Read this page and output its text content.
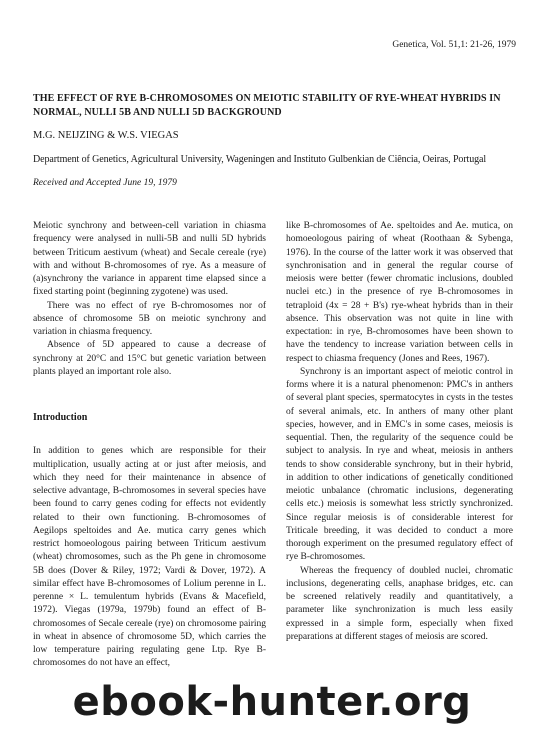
Genetica, Vol. 51,1: 21-26, 1979
THE EFFECT OF RYE B-CHROMOSOMES ON MEIOTIC STABILITY OF RYE-WHEAT HYBRIDS IN NORMAL, NULLI 5B AND NULLI 5D BACKGROUND
M.G. NEIJZING & W.S. VIEGAS
Department of Genetics, Agricultural University, Wageningen and Instituto Gulbenkian de Ciência, Oeiras, Portugal
Received and Accepted June 19, 1979

Meiotic synchrony and between-cell variation in chiasma frequency were analysed in nulli-5B and nulli 5D hybrids between Triticum aestivum (wheat) and Secale cereale (rye) with and without B-chromosomes of rye. As a measure of (a)synchrony the variance in apparent time elapsed since a fixed starting point (beginning zygotene) was used.

There was no effect of rye B-chromosomes nor of absence of chromosome 5B on meiotic synchrony and variation in chiasma frequency.

Absence of 5D appeared to cause a decrease of synchrony at 20°C and 15°C but genetic variation between plants played an important role also.

Introduction

In addition to genes which are responsible for their multiplication, usually acting at or just after meiosis, and which they need for their maintenance in absence of selective advantage, B-chromosomes in several species have been found to carry genes coding for effects not evidently related to their own functioning. B-chromosomes of Aegilops speltoides and Ae. mutica carry genes which restrict homoeologous pairing between Triticum aestivum (wheat) chromosomes, such as the Ph gene in chromosome 5B does (Dover & Riley, 1972; Vardi & Dover, 1972). A similar effect have B-chromosomes of Lolium perenne in L. perenne × L. temulentum hybrids (Evans & Macefield, 1972). Viegas (1979a, 1979b) found an effect of B-chromosomes of Secale cereale (rye) on chromosome pairing in wheat in absence of chromosome 5D, which carries the low temperature pairing regulating gene Ltp. Rye B-chromosomes do not have an effect,

like B-chromosomes of Ae. speltoides and Ae. mutica, on homoeologous pairing of wheat (Roothaan & Sybenga, 1976). In the course of the latter work it was observed that synchronisation and in general the regular course of meiosis were better (fewer chromatic inclusions, doubled nuclei etc.) in the presence of rye B-chromosomes in tetraploid (4x = 28 + B's) rye-wheat hybrids than in their absence. This observation was not quite in line with expectation: in rye, B-chromosomes have been shown to have the tendency to increase variation between cells in respect to chiasma frequency (Jones and Rees, 1967).

Synchrony is an important aspect of meiotic control in forms where it is a natural phenomenon: PMC's in anthers of several plant species, spermatocytes in cysts in the testes of several animals, etc. In anthers of many other plant species, however, and in EMC's in some cases, meiosis is sequential. Then, the regularity of the sequence could be subject to analysis. In rye and wheat, meiosis in anthers tends to show considerable synchrony, but in their hybrid, in addition to other indications of genetically conditioned meiotic unbalance (chromatic inclusions, degenerating cells etc.) meiosis is somewhat less strictly synchronized. Since regular meiosis is of considerable interest for Triticale breeding, it was decided to conduct a more thorough experiment on the presumed regulatory effect of rye B-chromosomes.

Whereas the frequency of doubled nuclei, chromatic inclusions, degenerating cells, anaphase bridges, etc. can be screened relatively readily and quantitatively, a parameter like synchronization is much less easily expressed in a simple form, especially when fixed preparations at different stages of meiosis are scored.

ebook-hunter.org
